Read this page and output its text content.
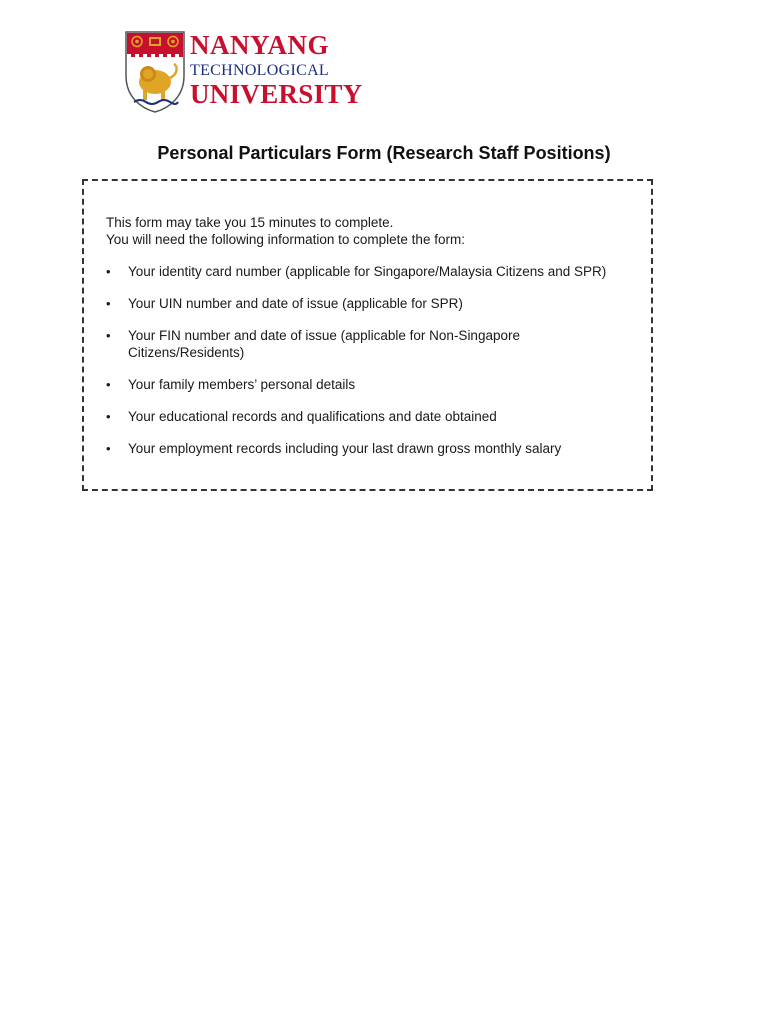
NANYANG
TECHNOLOGICAL
UNIVERSITY
Personal Particulars Form (Research Staff Positions)
This form may take you 15 minutes to complete.
You will need the following information to complete the form:
• Your identity card number (applicable for Singapore/Malaysia Citizens and SPR)
• Your UIN number and date of issue (applicable for SPR)
• Your FIN number and date of issue (applicable for Non-Singapore Citizens/Residents)
• Your family members’ personal details
• Your educational records and qualifications and date obtained
• Your employment records including your last drawn gross monthly salary
